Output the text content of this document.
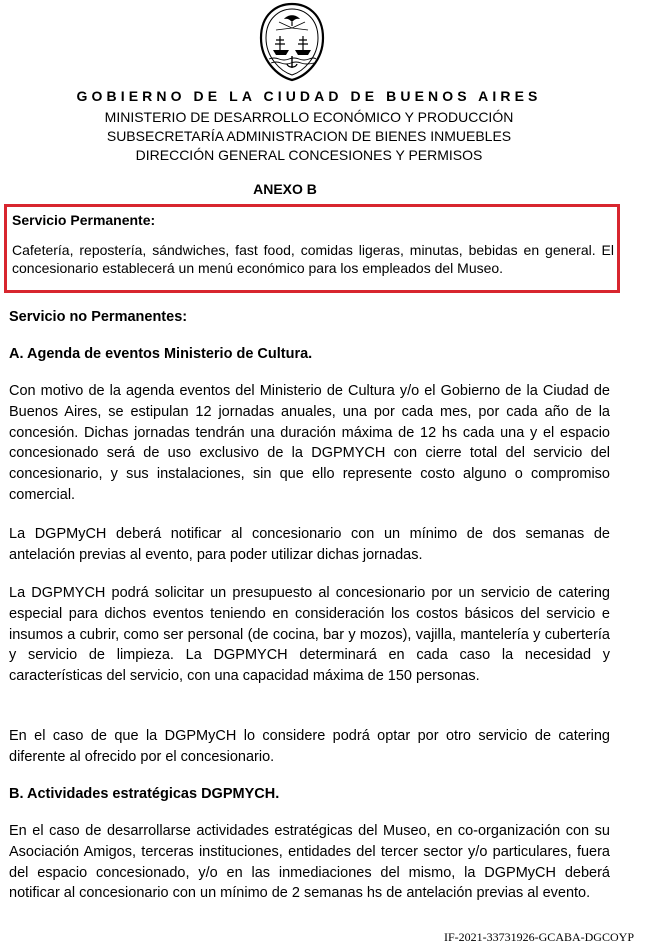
GOBIERNO DE LA CIUDAD DE BUENOS AIRES
MINISTERIO DE DESARROLLO ECONÓMICO Y PRODUCCIÓN
SUBSECRETARÍA ADMINISTRACION DE BIENES INMUEBLES
DIRECCIÓN GENERAL CONCESIONES Y PERMISOS
ANEXO B
Servicio Permanente:
Cafetería, repostería, sándwiches, fast food, comidas ligeras, minutas, bebidas en general. El concesionario establecerá un menú económico para los empleados del Museo.
Servicio no Permanentes:
A. Agenda de eventos Ministerio de Cultura.
Con motivo de la agenda eventos del Ministerio de Cultura y/o el Gobierno de la Ciudad de Buenos Aires, se estipulan 12 jornadas anuales, una por cada mes, por cada año de la concesión. Dichas jornadas tendrán una duración máxima de 12 hs cada una y el espacio concesionado será de uso exclusivo de la DGPMYCH con cierre total del servicio del concesionario, y sus instalaciones, sin que ello represente costo alguno o compromiso comercial.
La DGPMyCH deberá notificar al concesionario con un mínimo de dos semanas de antelación previas al evento, para poder utilizar dichas jornadas.
La DGPMYCH podrá solicitar un presupuesto al concesionario por un servicio de catering especial para dichos eventos teniendo en consideración los costos básicos del servicio e insumos a cubrir, como ser personal (de cocina, bar y mozos), vajilla, mantelería y cubertería y servicio de limpieza. La DGPMYCH determinará en cada caso la necesidad y características del servicio, con una capacidad máxima de 150 personas.
En el caso de que la DGPMyCH lo considere podrá optar por otro servicio de catering diferente al ofrecido por el concesionario.
B. Actividades estratégicas DGPMYCH.
En el caso de desarrollarse actividades estratégicas del Museo, en co-organización con su Asociación Amigos, terceras instituciones, entidades del tercer sector y/o particulares, fuera del espacio concesionado, y/o en las inmediaciones del mismo, la DGPMyCH deberá notificar al concesionario con un mínimo de 2 semanas hs de antelación previas al evento.
IF-2021-33731926-GCABA-DGCOYP
